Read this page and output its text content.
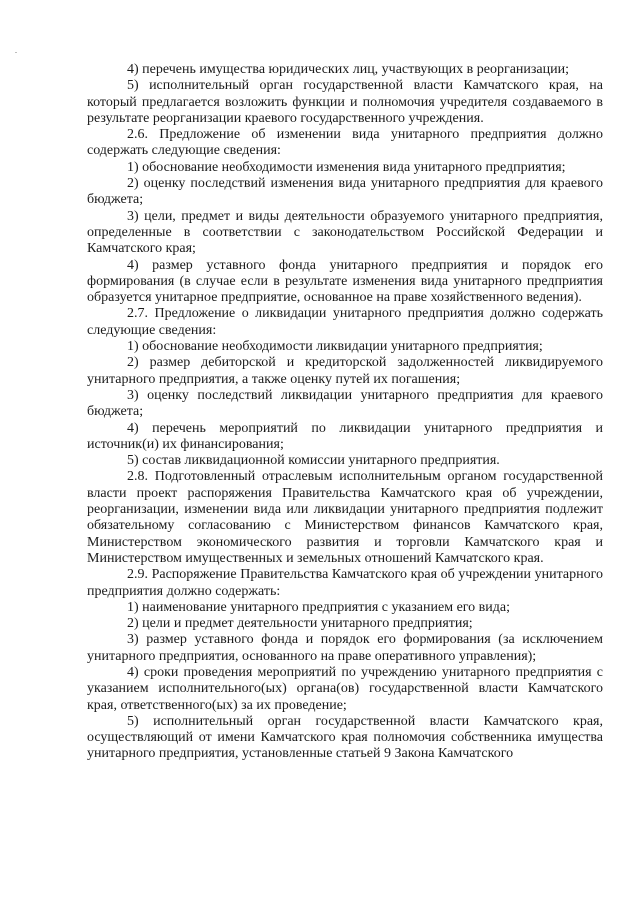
4) перечень имущества юридических лиц, участвующих в реорганизации;

5) исполнительный орган государственной власти Камчатского края, на который предлагается возложить функции и полномочия учредителя создаваемого в результате реорганизации краевого государственного учреждения.

2.6. Предложение об изменении вида унитарного предприятия должно содержать следующие сведения:

1) обоснование необходимости изменения вида унитарного предприятия;

2) оценку последствий изменения вида унитарного предприятия для краевого бюджета;

3) цели, предмет и виды деятельности образуемого унитарного предприятия, определенные в соответствии с законодательством Российской Федерации и Камчатского края;

4) размер уставного фонда унитарного предприятия и порядок его формирования (в случае если в результате изменения вида унитарного предприятия образуется унитарное предприятие, основанное на праве хозяйственного ведения).

2.7. Предложение о ликвидации унитарного предприятия должно содержать следующие сведения:

1) обоснование необходимости ликвидации унитарного предприятия;

2) размер дебиторской и кредиторской задолженностей ликвидируемого унитарного предприятия, а также оценку путей их погашения;

3) оценку последствий ликвидации унитарного предприятия для краевого бюджета;

4) перечень мероприятий по ликвидации унитарного предприятия и источник(и) их финансирования;

5) состав ликвидационной комиссии унитарного предприятия.

2.8. Подготовленный отраслевым исполнительным органом государственной власти проект распоряжения Правительства Камчатского края об учреждении, реорганизации, изменении вида или ликвидации унитарного предприятия подлежит обязательному согласованию с Министерством финансов Камчатского края, Министерством экономического развития и торговли Камчатского края и Министерством имущественных и земельных отношений Камчатского края.

2.9. Распоряжение Правительства Камчатского края об учреждении унитарного предприятия должно содержать:

1) наименование унитарного предприятия с указанием его вида;

2) цели и предмет деятельности унитарного предприятия;

3) размер уставного фонда и порядок его формирования (за исключением унитарного предприятия, основанного на праве оперативного управления);

4) сроки проведения мероприятий по учреждению унитарного предприятия с указанием исполнительного(ых) органа(ов) государственной власти Камчатского края, ответственного(ых) за их проведение;

5) исполнительный орган государственной власти Камчатского края, осуществляющий от имени Камчатского края полномочия собственника имущества унитарного предприятия, установленные статьей 9 Закона Камчатского
